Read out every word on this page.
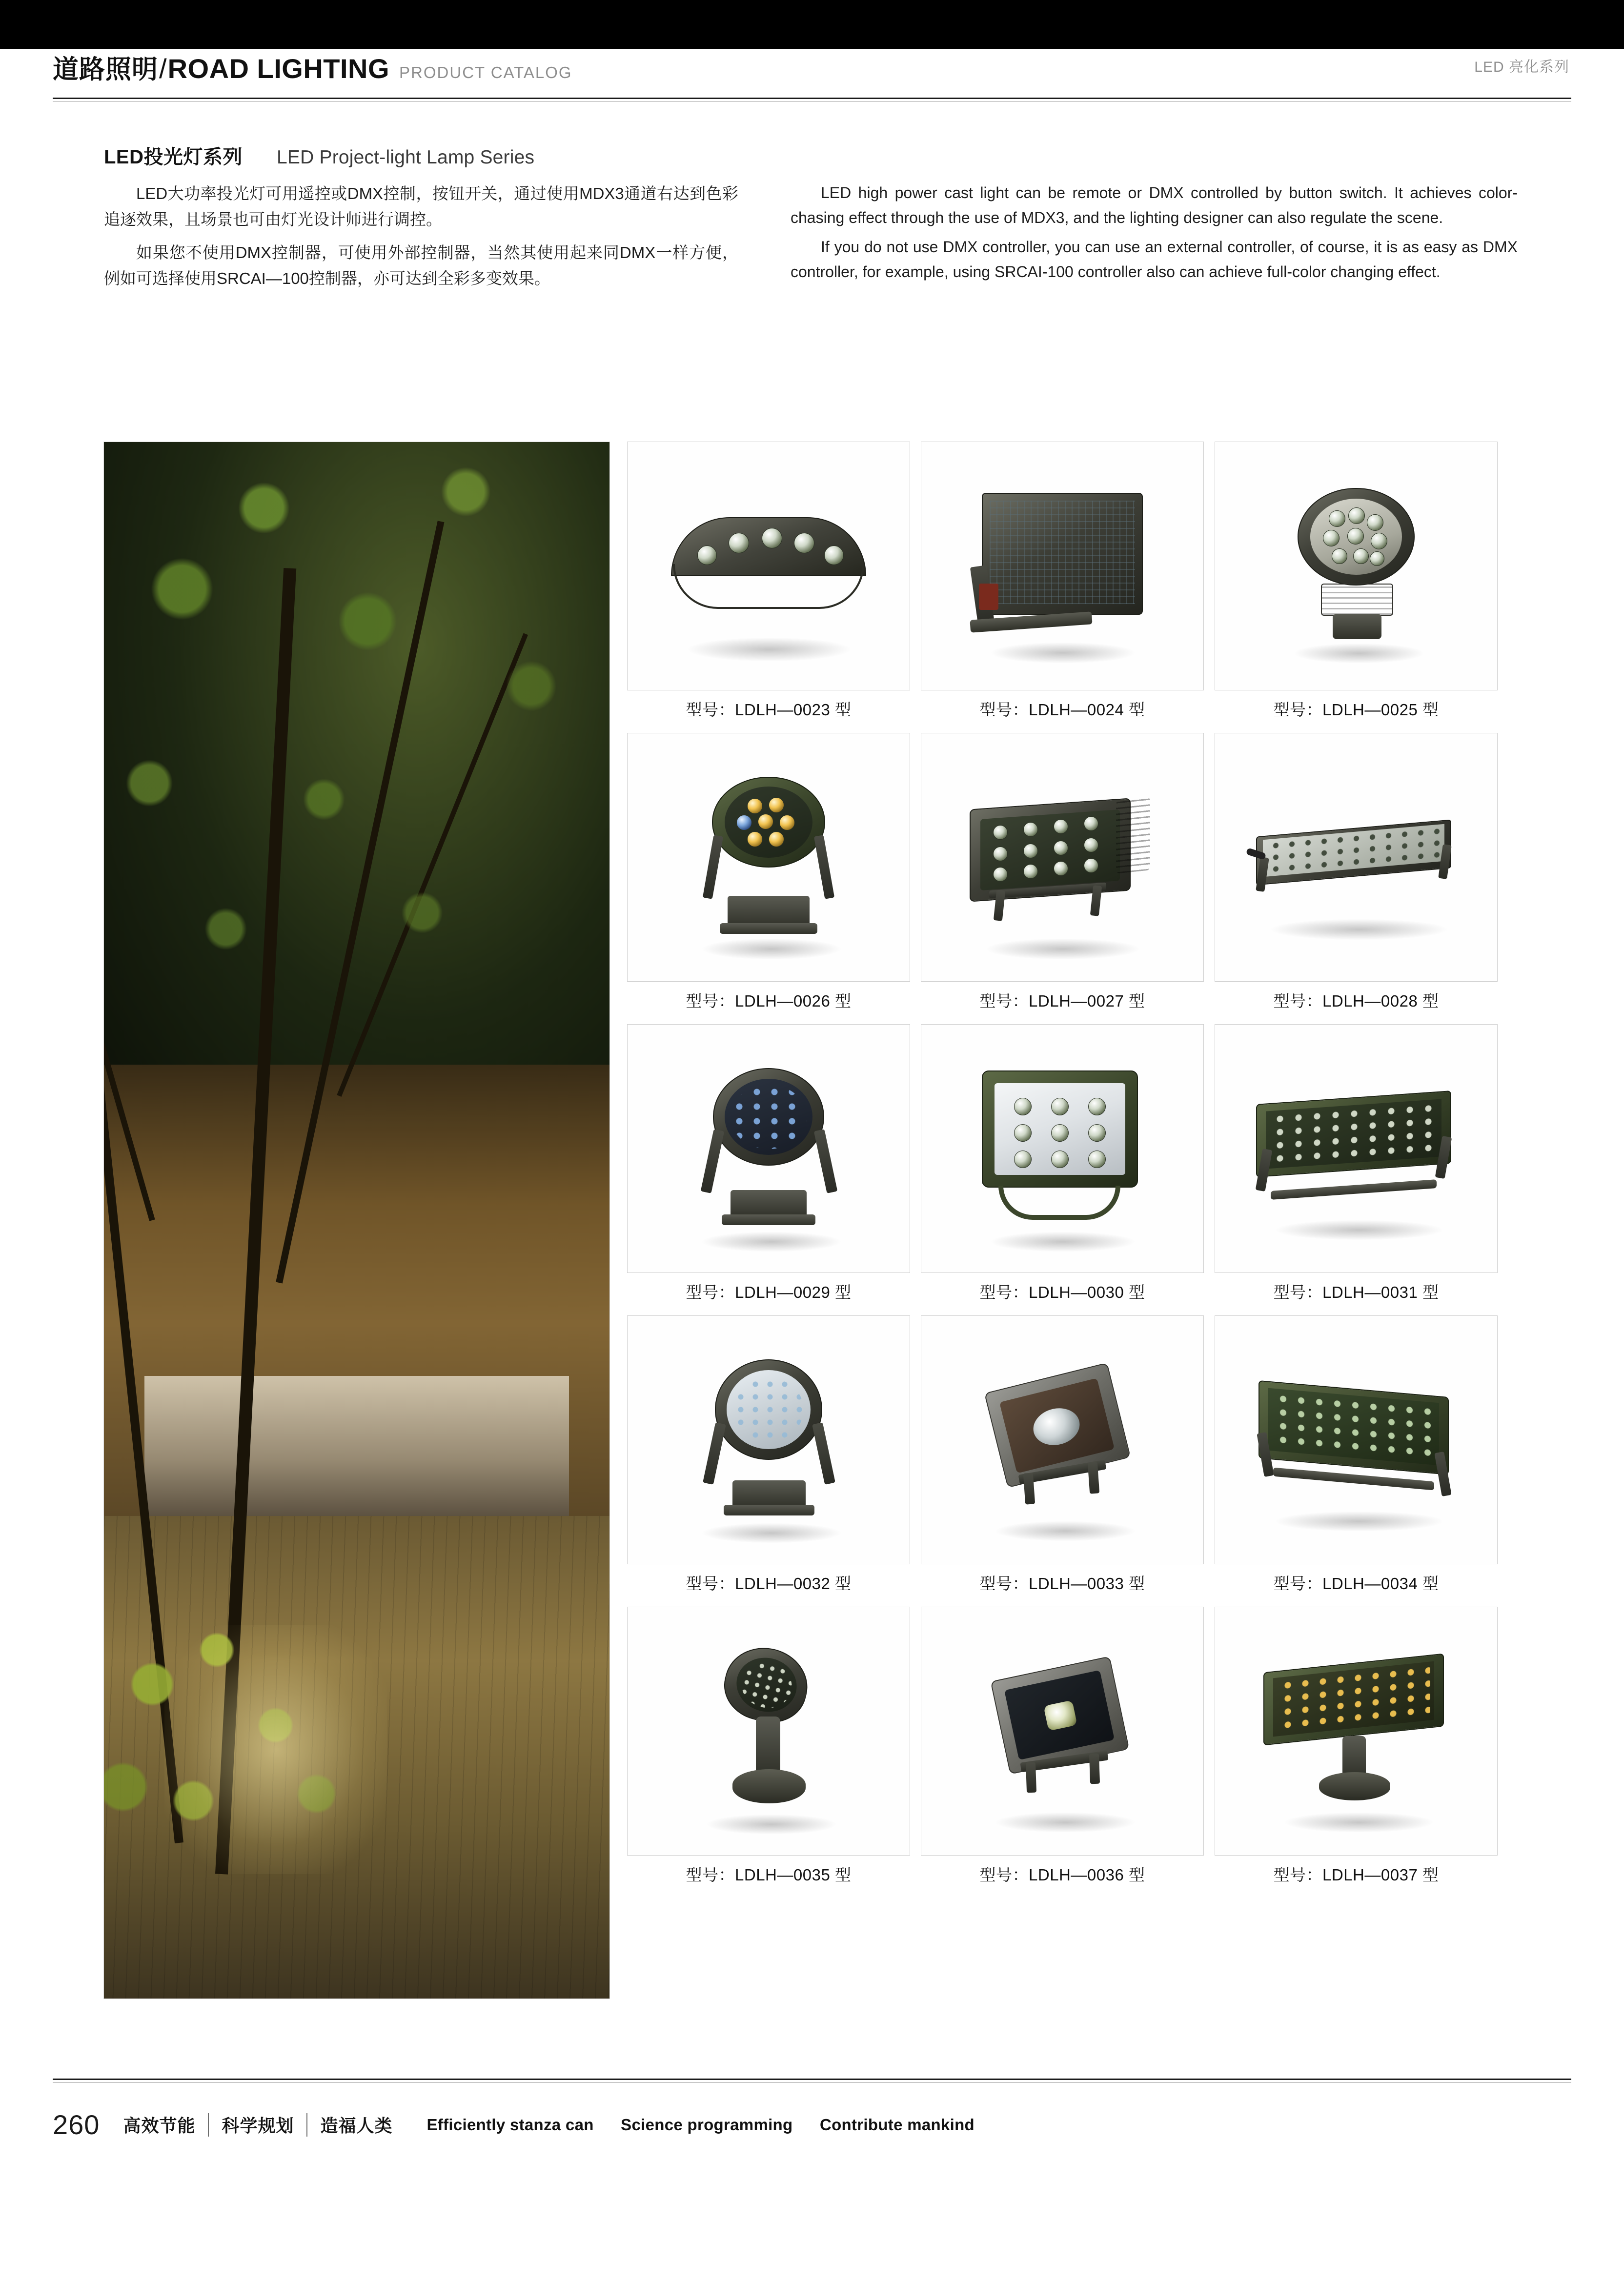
道路照明 / ROAD LIGHTING PRODUCT CATALOG	LED 亮化系列
LED投光灯系列 LED Project-light Lamp Series

LED大功率投光灯可用遥控或DMX控制，按钮开关，通过使用MDX3通道右达到色彩追逐效果，且场景也可由灯光设计师进行调控。

如果您不使用DMX控制器，可使用外部控制器，当然其使用起来同DMX一样方便，例如可选择使用SRCAI—100控制器，亦可达到全彩多变效果。

LED high power cast light can be remote or DMX controlled by button switch. It achieves color-chasing effect through the use of MDX3, and the lighting designer can also regulate the scene.

If you do not use DMX controller, you can use an external controller, of course, it is as easy as DMX controller, for example, using SRCAI-100 controller also can achieve full-color changing effect.

型号：LDLH—0023 型	型号：LDLH—0024 型	型号：LDLH—0025 型
型号：LDLH—0026 型	型号：LDLH—0027 型	型号：LDLH—0028 型
型号：LDLH—0029 型	型号：LDLH—0030 型	型号：LDLH—0031 型
型号：LDLH—0032 型	型号：LDLH—0033 型	型号：LDLH—0034 型
型号：LDLH—0035 型	型号：LDLH—0036 型	型号：LDLH—0037 型
260	高效节能	科学规划	造福人类	Efficiently stanza can Science programming Contribute mankind
